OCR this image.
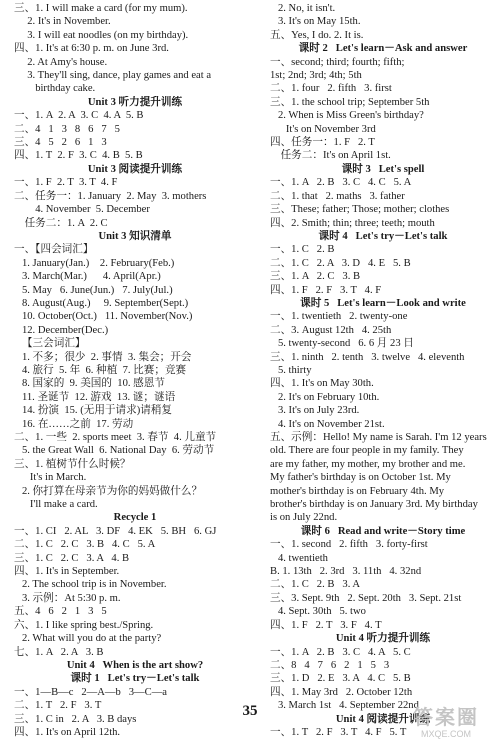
三、1. I will make a card (for my mum).
2. It's in November.
3. I will eat noodles (on my birthday).
四、1. It's at 6:30 p. m. on June 3rd.
2. At Amy's house.
3. They'll sing, dance, play games and eat a
birthday cake.
Unit 3 听力提升训练
一、1. A  2. A  3. C  4. A  5. B
二、4   1   3   8   6   7   5
三、4   5   2   6   1   3
四、1. T  2. F  3. C  4. B  5. B
Unit 3 阅读提升训练
一、1. F  2. T  3. T  4. F
二、任务一：1. January  2. May  3. mothers
4. November  5. December
任务二：1. A  2. C
Unit 3 知识清单
一、【四会词汇】
1. January(Jan.)    2. February(Feb.)
3. March(Mar.)      4. April(Apr.)
5. May   6. June(Jun.)   7. July(Jul.)
8. August(Aug.)     9. September(Sept.)
10. October(Oct.)   11. November(Nov.)
12. December(Dec.)
【三会词汇】
1. 不多；很少  2. 事情  3. 集会；开会
4. 旅行  5. 年  6. 种植  7. 比赛；竞赛
8. 国家的  9. 美国的  10. 感恩节
11. 圣诞节  12. 游戏  13. 谜；谜语
14. 扮演  15. (无用于请求)请稍复
16. 在……之前  17. 劳动
二、1. 一些  2. sports meet  3. 春节  4. 儿童节
5. the Great Wall  6. National Day  6. 劳动节
三、1. 植树节什么时候？
It's in March.
2. 你打算在母亲节为你的妈妈做什么？
I'll make a card.
Recycle 1
一、1. CI   2. AL   3. DF   4. EK   5. BH   6. GJ
二、1. C   2. C   3. B   4. C   5. A
三、1. C   2. C   3. A   4. B
四、1. It's in September.
2. The school trip is in November.
3. 示例：At 5:30 p. m.
五、4   6   2   1   3   5
六、1. I like spring best./Spring.
2. What will you do at the party?
七、1. A   2. A   3. B
Unit 4   When is the art show?
课时 1   Let's try－Let's talk
一、1—B—c   2—A—b   3—C—a
二、1. T   2. F   3. T
三、1. C in   2. A   3. B days
四、1. It's on April 12th.
2. No, it isn't.
3. It's on May 15th.
五、Yes, I do. 2. It is.
课时 2   Let's learn－Ask and answer
一、second; third; fourth; fifth;
1st; 2nd; 3rd; 4th; 5th
二、1. four   2. fifth   3. first
三、1. the school trip; September 5th
2. When is Miss Green's birthday?
It's on November 3rd
四、任务一：1. F   2. T
任务二：It's on April 1st.
课时 3   Let's spell
一、1. A   2. B   3. C   4. C   5. A
二、1. that   2. maths   3. father
三、These; father; Those; mother; clothes
四、2. Smith; thin; three; teeth; mouth
课时 4   Let's try－Let's talk
一、1. C   2. B
二、1. C   2. A   3. D   4. E   5. B
三、1. A   2. C   3. B
四、1. F   2. F   3. T   4. F
课时 5   Let's learn－Look and write
一、1. twentieth   2. twenty-one
二、3. August 12th   4. 25th
5. twenty-second   6. 6 月 23 日
三、1. ninth   2. tenth   3. twelve   4. eleventh
5. thirty
四、1. It's on May 30th.
2. It's on February 10th.
3. It's on July 23rd.
4. It's on November 21st.
五、示例：Hello! My name is Sarah. I'm 12 years
old. There are four people in my family. They
are my father, my mother, my brother and me.
My father's birthday is on October 1st. My
mother's birthday is on February 4th. My
brother's birthday is on January 3rd. My birthday
is on July 22nd.
课时 6   Read and write－Story time
一、1. second   2. fifth   3. forty-first
4. twentieth
B. 1. 13th   2. 3rd   3. 11th   4. 32nd
二、1. C   2. B   3. A
三、3. Sept. 9th   2. Sept. 20th   3. Sept. 21st
4. Sept. 30th   5. two
四、1. F   2. T   3. F   4. T
Unit 4 听力提升训练
一、1. A   2. B   3. C   4. A   5. C
二、8   4   7   6   2   1   5   3
三、1. D   2. E   3. A   4. C   5. B
四、1. May 3rd   2. October 12th
3. March 1st   4. September 22nd
Unit 4 阅读提升训练
一、1. T   2. F   3. T   4. F   5. T
35	答案圈
MXQE.COM
